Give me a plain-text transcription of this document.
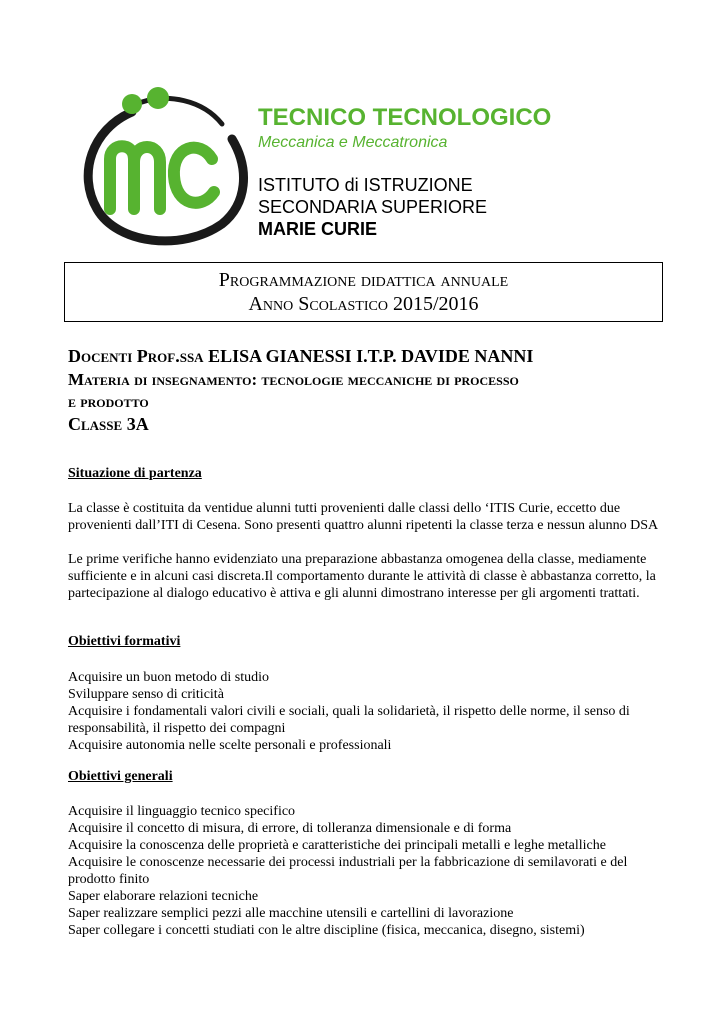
TECNICO TECNOLOGICO
Meccanica e Meccatronica
ISTITUTO di ISTRUZIONE
SECONDARIA SUPERIORE
MARIE CURIE
Programmazione didattica annuale
Anno Scolastico 2015/2016
Docenti Prof.ssa ELISA GIANESSI I.T.P. DAVIDE NANNI
Materia di insegnamento: tecnologie meccaniche di processo
e prodotto
Classe 3A
Situazione di partenza
La classe è costituita da ventidue alunni tutti provenienti dalle classi dello ‘ITIS Curie, eccetto due provenienti dall’ITI di Cesena. Sono presenti quattro alunni ripetenti la classe terza e nessun alunno DSA
Le prime verifiche hanno evidenziato una preparazione abbastanza omogenea della classe, mediamente sufficiente e in alcuni casi discreta.Il comportamento durante le attività di classe è abbastanza corretto, la partecipazione al dialogo educativo è attiva e gli alunni dimostrano interesse per gli argomenti trattati.
Obiettivi formativi
Acquisire un buon metodo di studio
Sviluppare senso di criticità
Acquisire i fondamentali valori civili e sociali, quali la solidarietà, il rispetto delle norme, il senso di responsabilità, il rispetto dei compagni
Acquisire autonomia nelle scelte personali e professionali
Obiettivi generali
Acquisire il linguaggio tecnico specifico
Acquisire il concetto di misura, di errore, di tolleranza dimensionale e di forma
Acquisire la conoscenza delle proprietà e caratteristiche dei principali metalli e leghe metalliche
Acquisire le conoscenze necessarie dei processi industriali per la fabbricazione di semilavorati e del prodotto finito
Saper elaborare relazioni tecniche
Saper realizzare semplici pezzi alle macchine utensili e cartellini di lavorazione
Saper collegare i concetti studiati con le altre discipline (fisica, meccanica, disegno, sistemi)
